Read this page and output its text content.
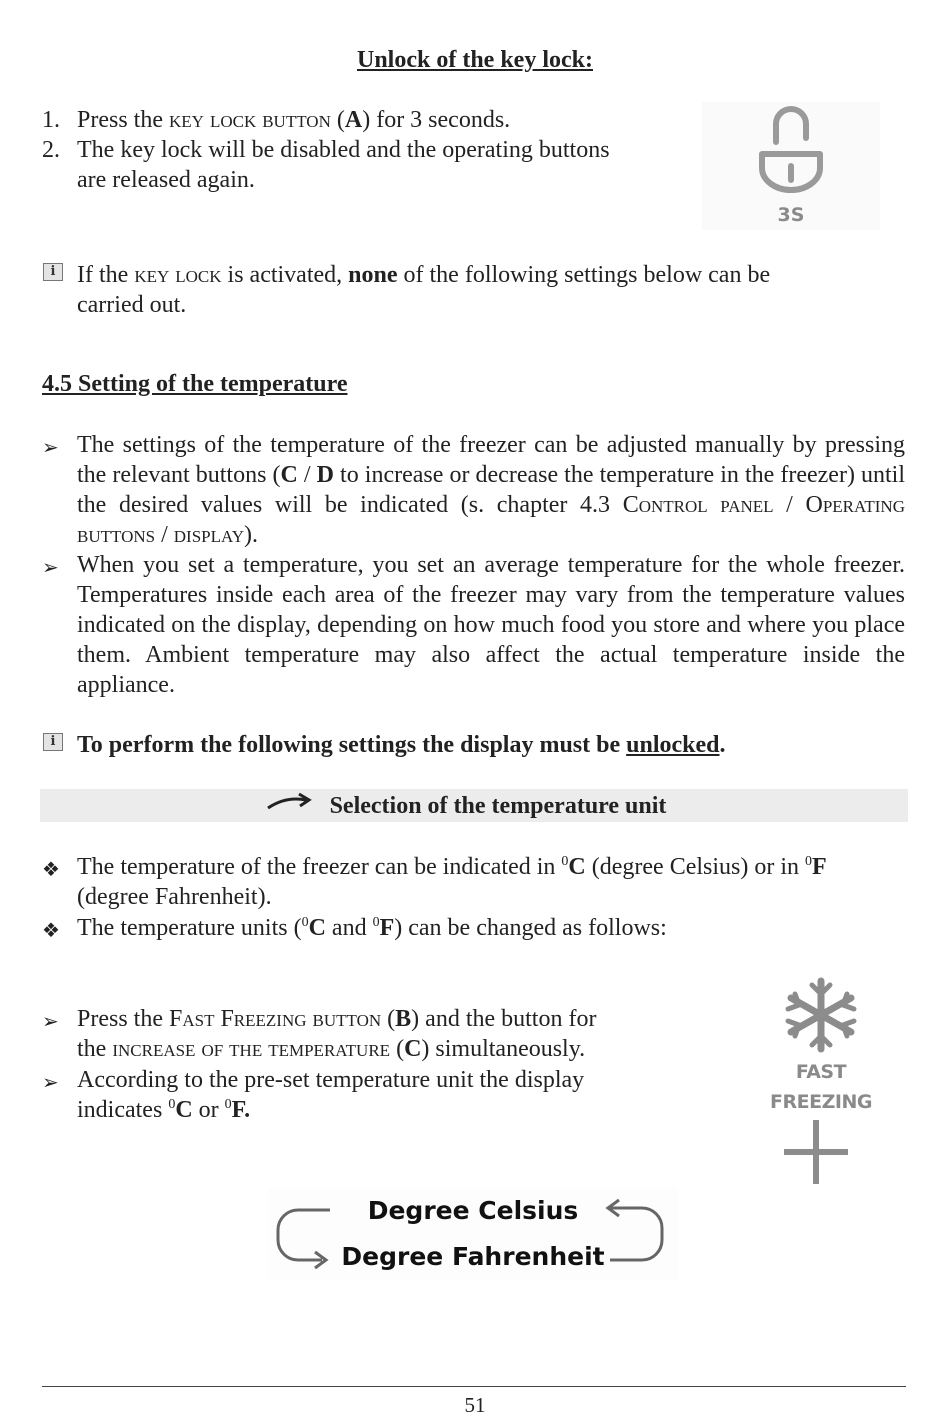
Unlock of the key lock:
1. Press the key lock button (A) for 3 seconds.
2. The key lock will be disabled and the operating buttons
are released again.
3S
i If the key lock is activated, none of the following settings below can be
carried out.
4.5 Setting of the temperature
➢ The settings of the temperature of the freezer can be adjusted manually by pressing the relevant buttons (C / D to increase or decrease the temperature in the freezer) until the desired values will be indicated (s. chapter 4.3 Control panel / Operating buttons / display).
➢ When you set a temperature, you set an average temperature for the whole freezer. Temperatures inside each area of the freezer may vary from the temperature values indicated on the display, depending on how much food you store and where you place them. Ambient temperature may also affect the actual temperature inside the appliance.
i To perform the following settings the display must be unlocked.
Selection of the temperature unit
❖ The temperature of the freezer can be indicated in $^0$C (degree Celsius) or in $^0$F
(degree Fahrenheit).
❖ The temperature units ($^0$C and $^0$F) can be changed as follows:
➢ Press the Fast Freezing button (B) and the button for
the increase of the temperature (C) simultaneously.
➢ According to the pre-set temperature unit the display
indicates $^0$C or $^0$F.
FAST FREEZING
Degree Celsius
Degree Fahrenheit
51
